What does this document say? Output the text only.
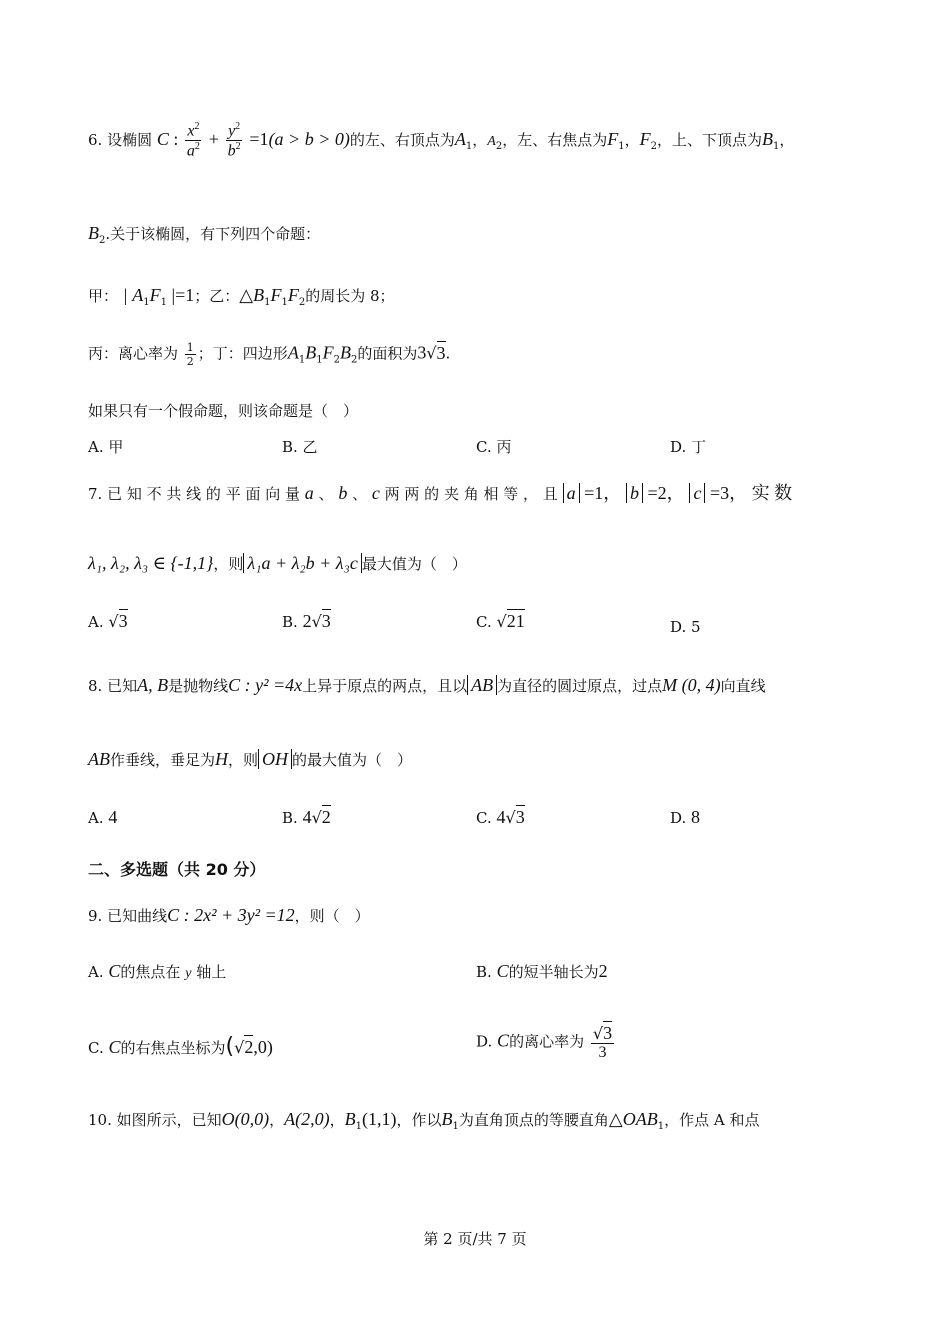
6. 设椭圆 C : $\frac{x^2}{a^2} + \frac{y^2}{b^2} =1(a > b > 0)$的左、右顶点为$A_1$，$A_2$，左、右焦点为$F_1$，$F_2$，上、下顶点为$B_1$，
$B_2$.关于该椭圆，有下列四个命题：
甲： | $A_1F_1$ |=1；乙：$\triangle B_1F_1F_2$的周长为 8；
丙：离心率为 $\frac{1}{2}$ ；丁：四边形$A_1B_1F_2B_2$的面积为3√3.
如果只有一个假命题，则该命题是（　）
A. 甲	B. 乙	C. 丙	D. 丁
7. 已 知 不 共 线 的 平 面 向 量 a 、 b 、 c 两 两 的 夹 角 相 等 ， 且 a =1， b =2， c =3， 实 数
λ₁, λ₂, λ₃ ∈ {-1,1}，则 λ₁a + λ₂b + λ₃c 最大值为（　）
A. √3	B. 2√3	C. √21	D. 5
8. 已知A, B是抛物线C : y² =4x上异于原点的两点，且以 AB 为直径的圆过原点，过点M (0, 4)向直线
AB作垂线，垂足为H，则 OH 的最大值为（　）
A. 4	B. 4√2	C. 4√3	D. 8
二、多选题（共 20 分）
9. 已知曲线C : 2x² + 3y² =12，则（　）
A. C的焦点在 y 轴上	B. C的短半轴长为2
C. C的右焦点坐标为(√2,0)	D. C的离心率为 $\frac{√3}{3}$
10. 如图所示，已知O(0,0)，A(2,0)，$B_1(1,1)$，作以$B_1$为直角顶点的等腰直角$\triangle OAB_1$，作点 A 和点
第 2 页/共 7 页
